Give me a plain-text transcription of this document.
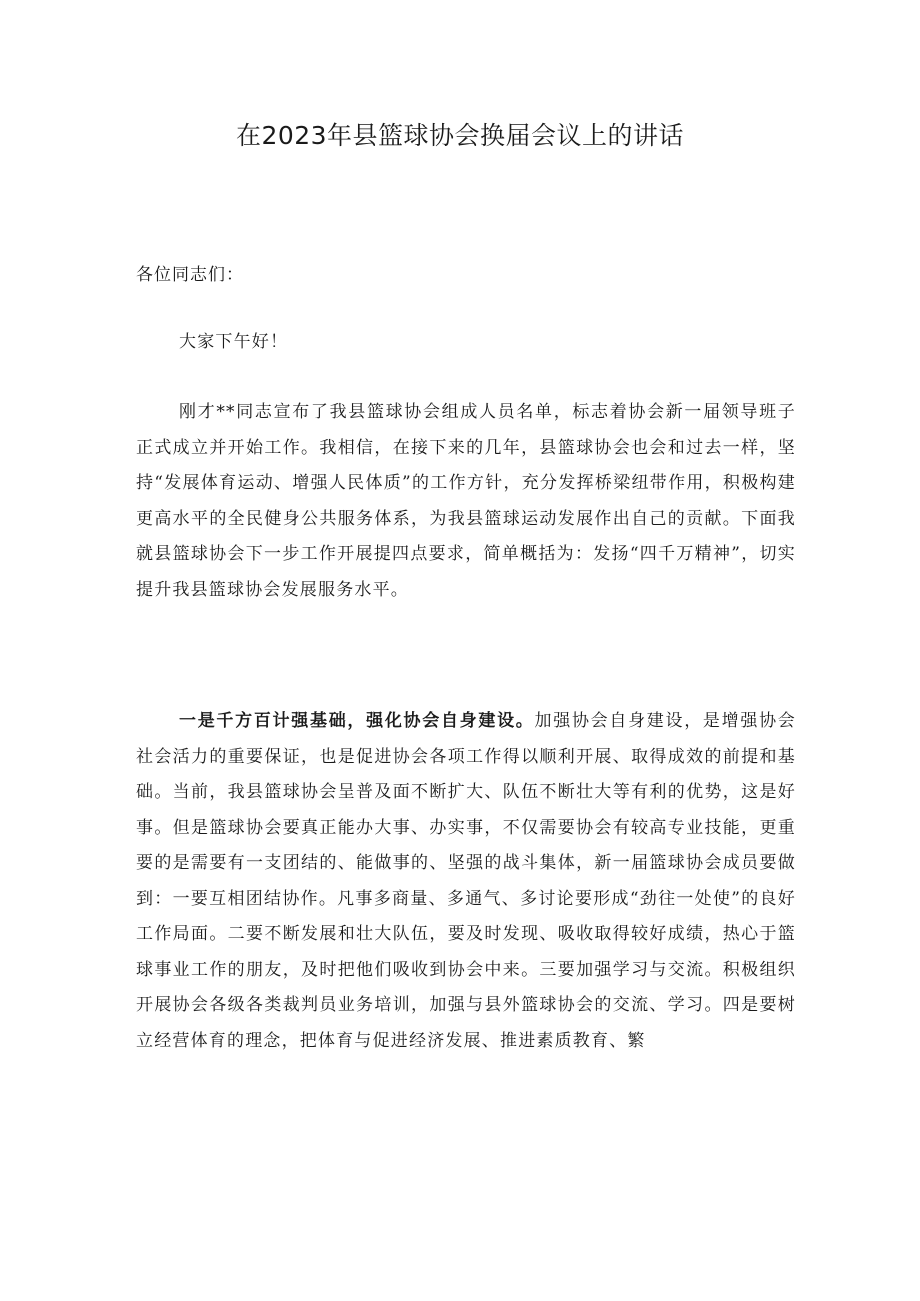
在2023年县篮球协会换届会议上的讲话

各位同志们：

大家下午好！

刚才**同志宣布了我县篮球协会组成人员名单，标志着协会新一届领导班子正式成立并开始工作。我相信，在接下来的几年，县篮球协会也会和过去一样，坚持“发展体育运动、增强人民体质”的工作方针，充分发挥桥梁纽带作用，积极构建更高水平的全民健身公共服务体系，为我县篮球运动发展作出自己的贡献。下面我就县篮球协会下一步工作开展提四点要求，简单概括为：发扬“四千万精神”，切实提升我县篮球协会发展服务水平。

一是千方百计强基础，强化协会自身建设。加强协会自身建设，是增强协会社会活力的重要保证，也是促进协会各项工作得以顺利开展、取得成效的前提和基础。当前，我县篮球协会呈普及面不断扩大、队伍不断壮大等有利的优势，这是好事。但是篮球协会要真正能办大事、办实事，不仅需要协会有较高专业技能，更重要的是需要有一支团结的、能做事的、坚强的战斗集体，新一届篮球协会成员要做到：一要互相团结协作。凡事多商量、多通气、多讨论要形成“劲往一处使”的良好工作局面。二要不断发展和壮大队伍，要及时发现、吸收取得较好成绩，热心于篮球事业工作的朋友，及时把他们吸收到协会中来。三要加强学习与交流。积极组织开展协会各级各类裁判员业务培训，加强与县外篮球协会的交流、学习。四是要树立经营体育的理念，把体育与促进经济发展、推进素质教育、繁
